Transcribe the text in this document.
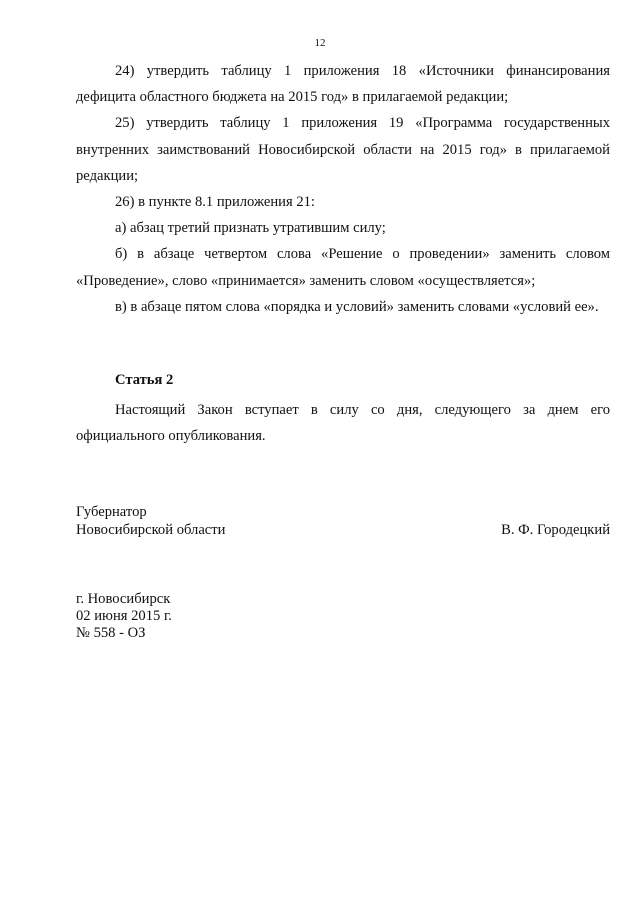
12

24) утвердить таблицу 1 приложения 18 «Источники финансирования дефицита областного бюджета на 2015 год» в прилагаемой редакции;

25) утвердить таблицу 1 приложения 19 «Программа государственных внутренних заимствований Новосибирской области на 2015 год» в прилагаемой редакции;

26) в пункте 8.1 приложения 21:

а) абзац третий признать утратившим силу;

б) в абзаце четвертом слова «Решение о проведении» заменить словом «Проведение», слово «принимается» заменить словом «осуществляется»;

в) в абзаце пятом слова «порядка и условий» заменить словами «условий ее».

Статья 2

Настоящий Закон вступает в силу со дня, следующего за днем его официального опубликования.

Губернатор
Новосибирской области	В. Ф. Городецкий
г. Новосибирск
02 июня 2015 г.
№ 558 - ОЗ
